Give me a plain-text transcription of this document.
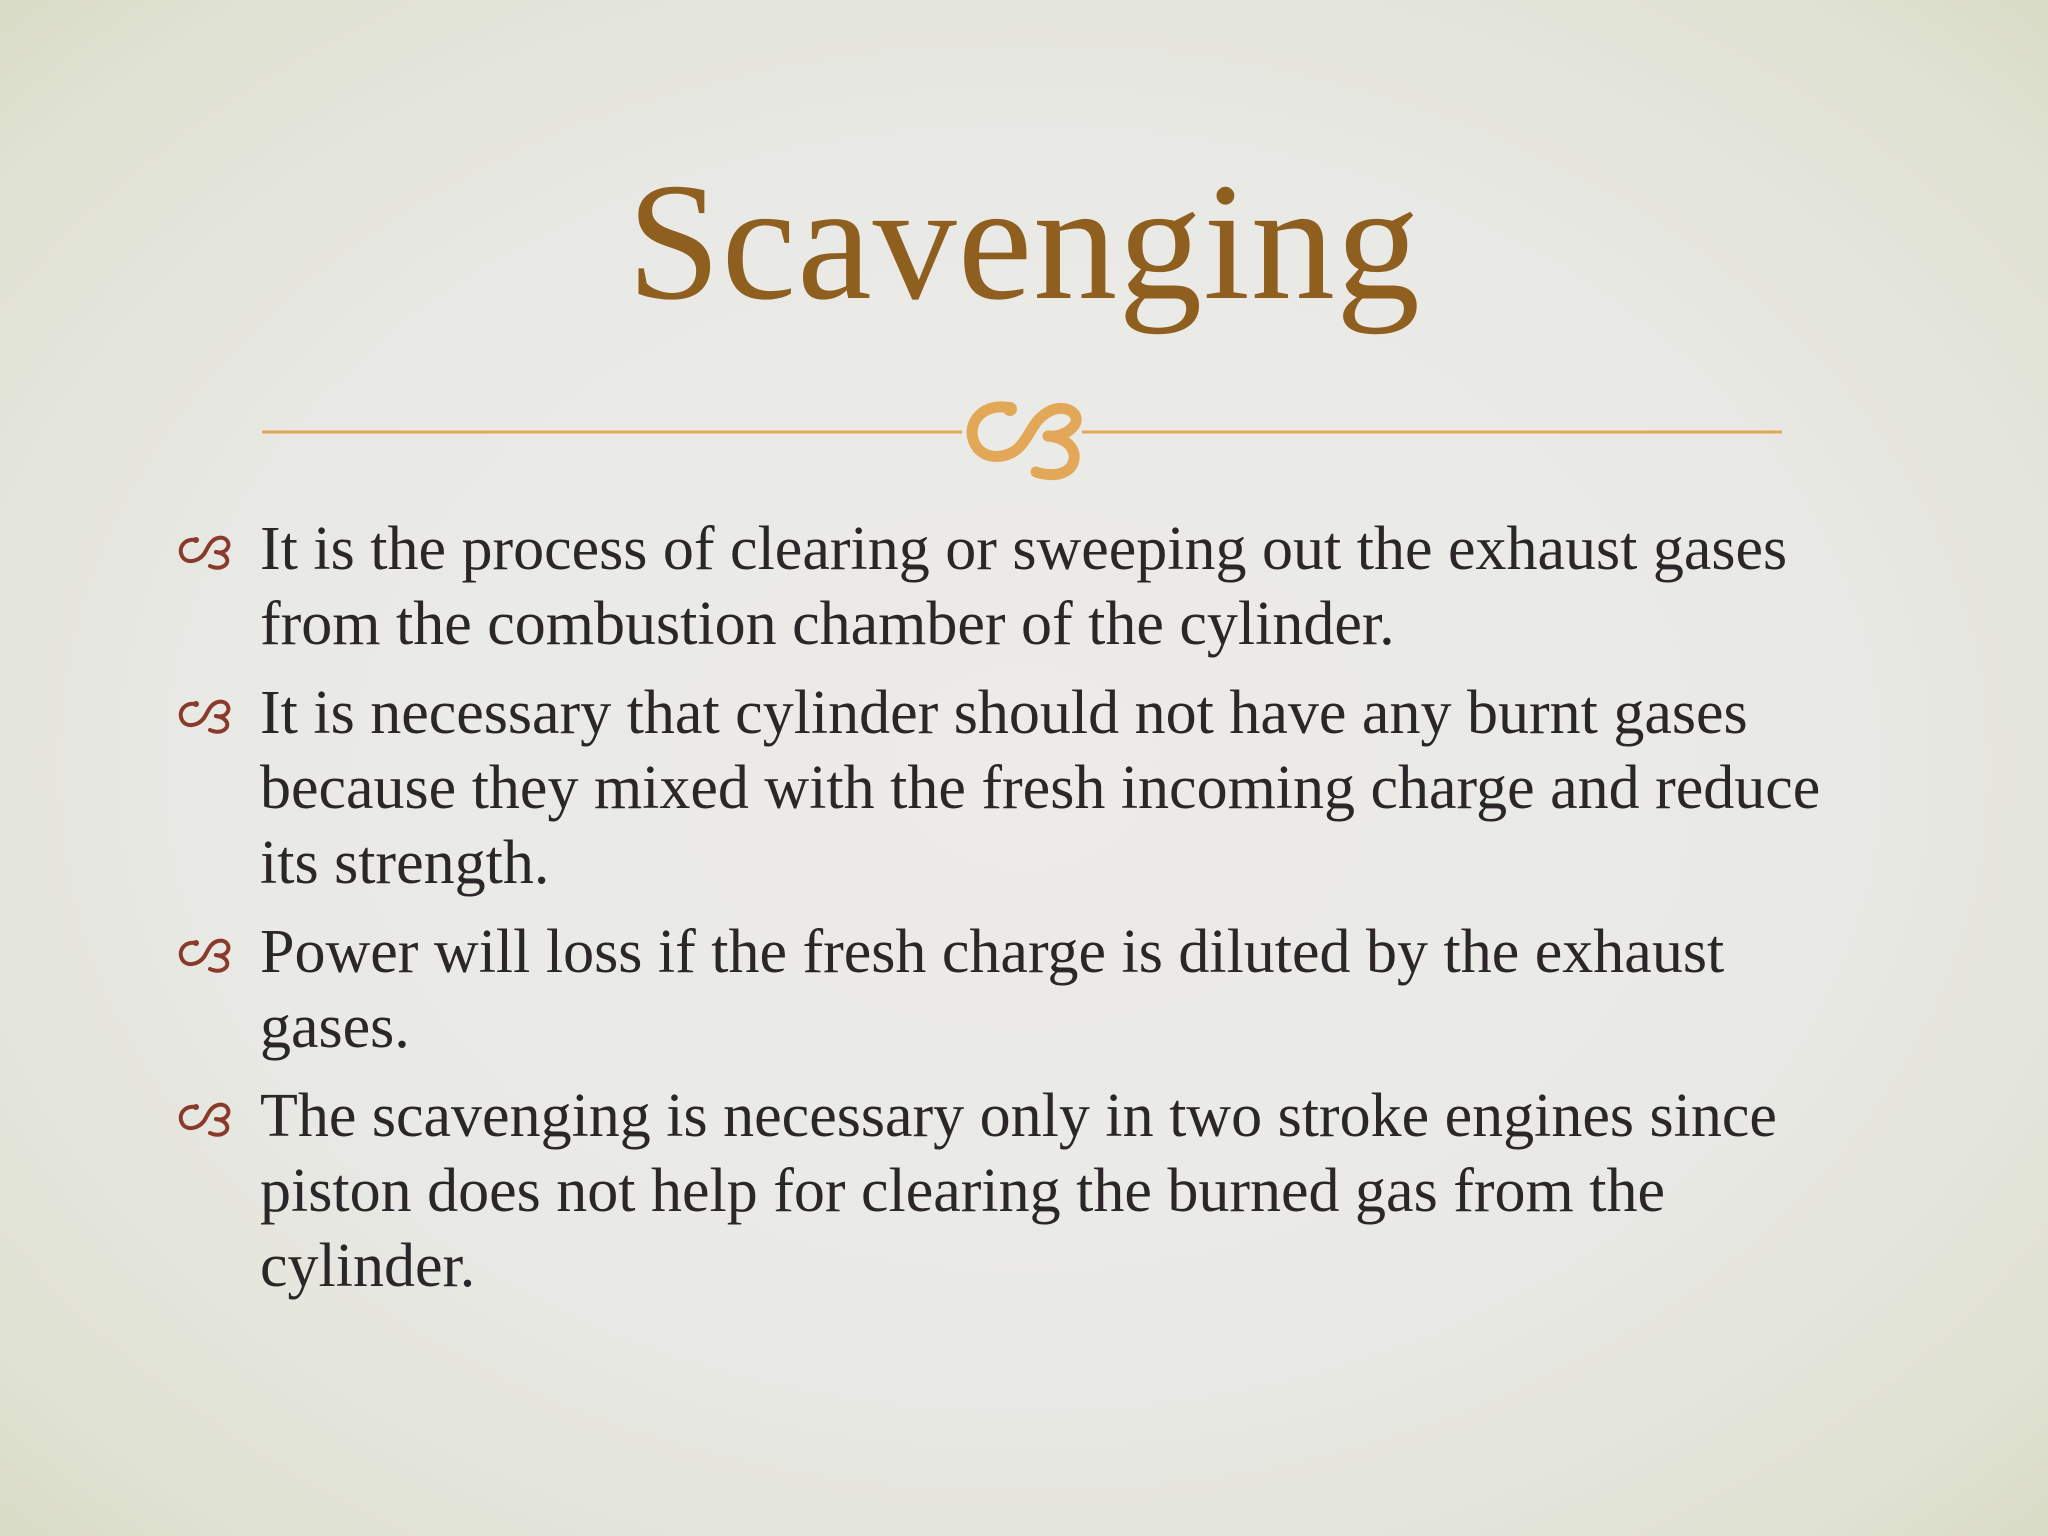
Scavenging
It is the process of clearing or sweeping out the exhaust gases from the combustion chamber of the cylinder.
It is necessary that cylinder should not have any burnt gases because they mixed with the fresh incoming charge and reduce its strength.
Power will loss if the fresh charge is diluted by the exhaust gases.
The scavenging is necessary only in two stroke engines since piston does not help for clearing the burned gas from the cylinder.
